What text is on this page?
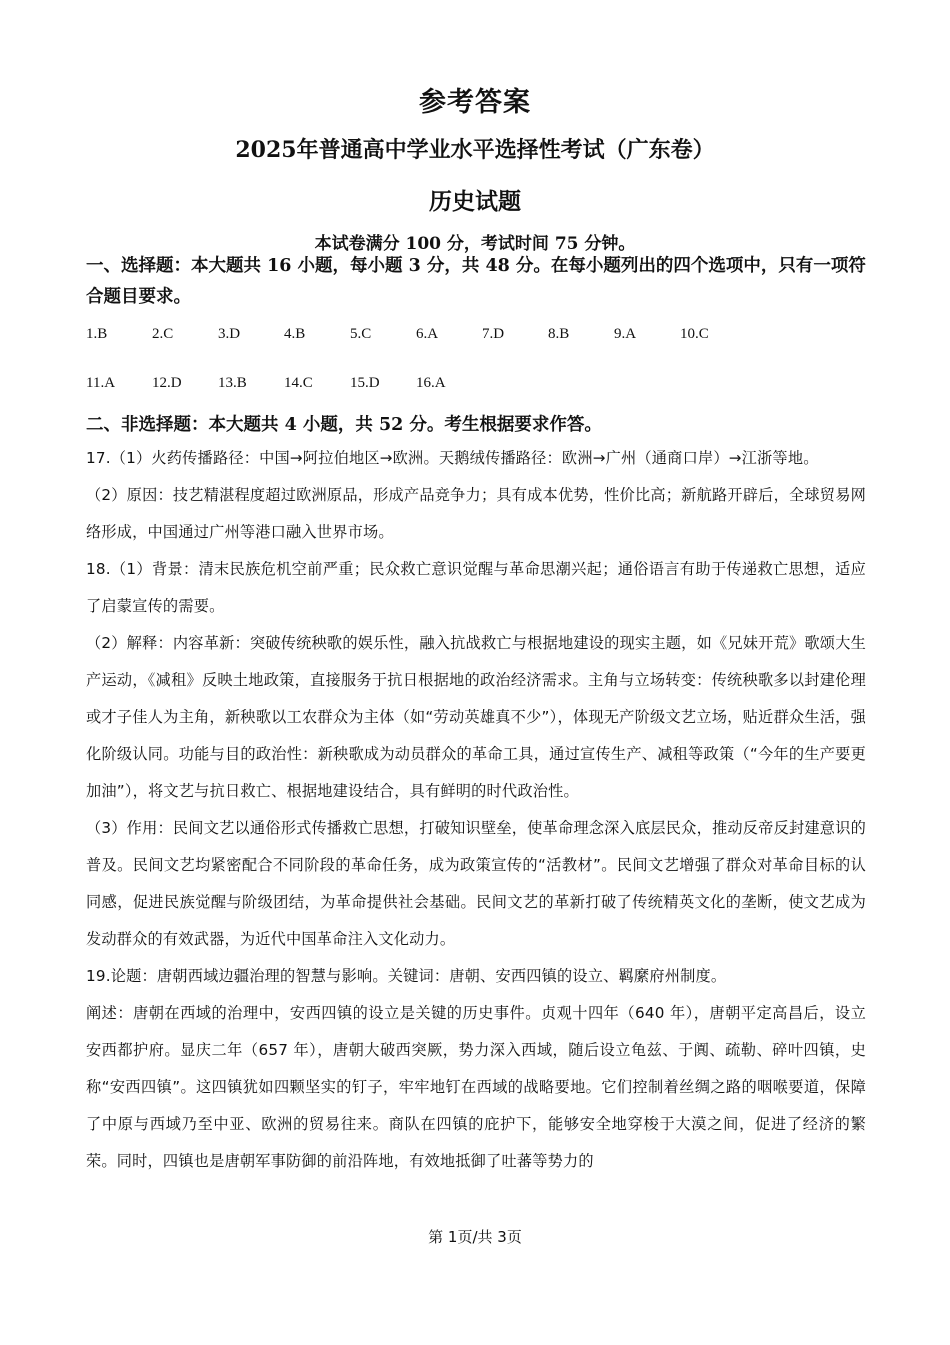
参考答案
2025年普通高中学业水平选择性考试（广东卷）
历史试题
本试卷满分 100 分，考试时间 75 分钟。
一、选择题：本大题共 16 小题，每小题 3 分，共 48 分。在每小题列出的四个选项中，只有一项符合题目要求。
1.B	2.C	3.D	4.B	5.C	6.A	7.D	8.B	9.A	10.C
11.A	12.D	13.B	14.C	15.D	16.A
二、非选择题：本大题共 4 小题，共 52 分。考生根据要求作答。

17.（1）火药传播路径：中国→阿拉伯地区→欧洲。天鹅绒传播路径：欧洲→广州（通商口岸）→江浙等地。

（2）原因：技艺精湛程度超过欧洲原品，形成产品竞争力；具有成本优势，性价比高；新航路开辟后，全球贸易网络形成，中国通过广州等港口融入世界市场。

18.（1）背景：清末民族危机空前严重；民众救亡意识觉醒与革命思潮兴起；通俗语言有助于传递救亡思想，适应了启蒙宣传的需要。

（2）解释：内容革新：突破传统秧歌的娱乐性，融入抗战救亡与根据地建设的现实主题，如《兄妹开荒》歌颂大生产运动，《减租》反映土地政策，直接服务于抗日根据地的政治经济需求。主角与立场转变：传统秧歌多以封建伦理或才子佳人为主角，新秧歌以工农群众为主体（如“劳动英雄真不少”），体现无产阶级文艺立场，贴近群众生活，强化阶级认同。功能与目的政治性：新秧歌成为动员群众的革命工具，通过宣传生产、减租等政策（“今年的生产要更加油”），将文艺与抗日救亡、根据地建设结合，具有鲜明的时代政治性。

（3）作用：民间文艺以通俗形式传播救亡思想，打破知识壁垒，使革命理念深入底层民众，推动反帝反封建意识的普及。民间文艺均紧密配合不同阶段的革命任务，成为政策宣传的“活教材”。民间文艺增强了群众对革命目标的认同感，促进民族觉醒与阶级团结，为革命提供社会基础。民间文艺的革新打破了传统精英文化的垄断，使文艺成为发动群众的有效武器，为近代中国革命注入文化动力。

19.论题：唐朝西域边疆治理的智慧与影响。关键词：唐朝、安西四镇的设立、羁縻府州制度。

阐述：唐朝在西域的治理中，安西四镇的设立是关键的历史事件。贞观十四年（640 年），唐朝平定高昌后，设立安西都护府。显庆二年（657 年），唐朝大破西突厥，势力深入西域，随后设立龟兹、于阗、疏勒、碎叶四镇，史称“安西四镇”。这四镇犹如四颗坚实的钉子，牢牢地钉在西域的战略要地。它们控制着丝绸之路的咽喉要道，保障了中原与西域乃至中亚、欧洲的贸易往来。商队在四镇的庇护下，能够安全地穿梭于大漠之间，促进了经济的繁荣。同时，四镇也是唐朝军事防御的前沿阵地，有效地抵御了吐蕃等势力的

第 1页/共 3页
